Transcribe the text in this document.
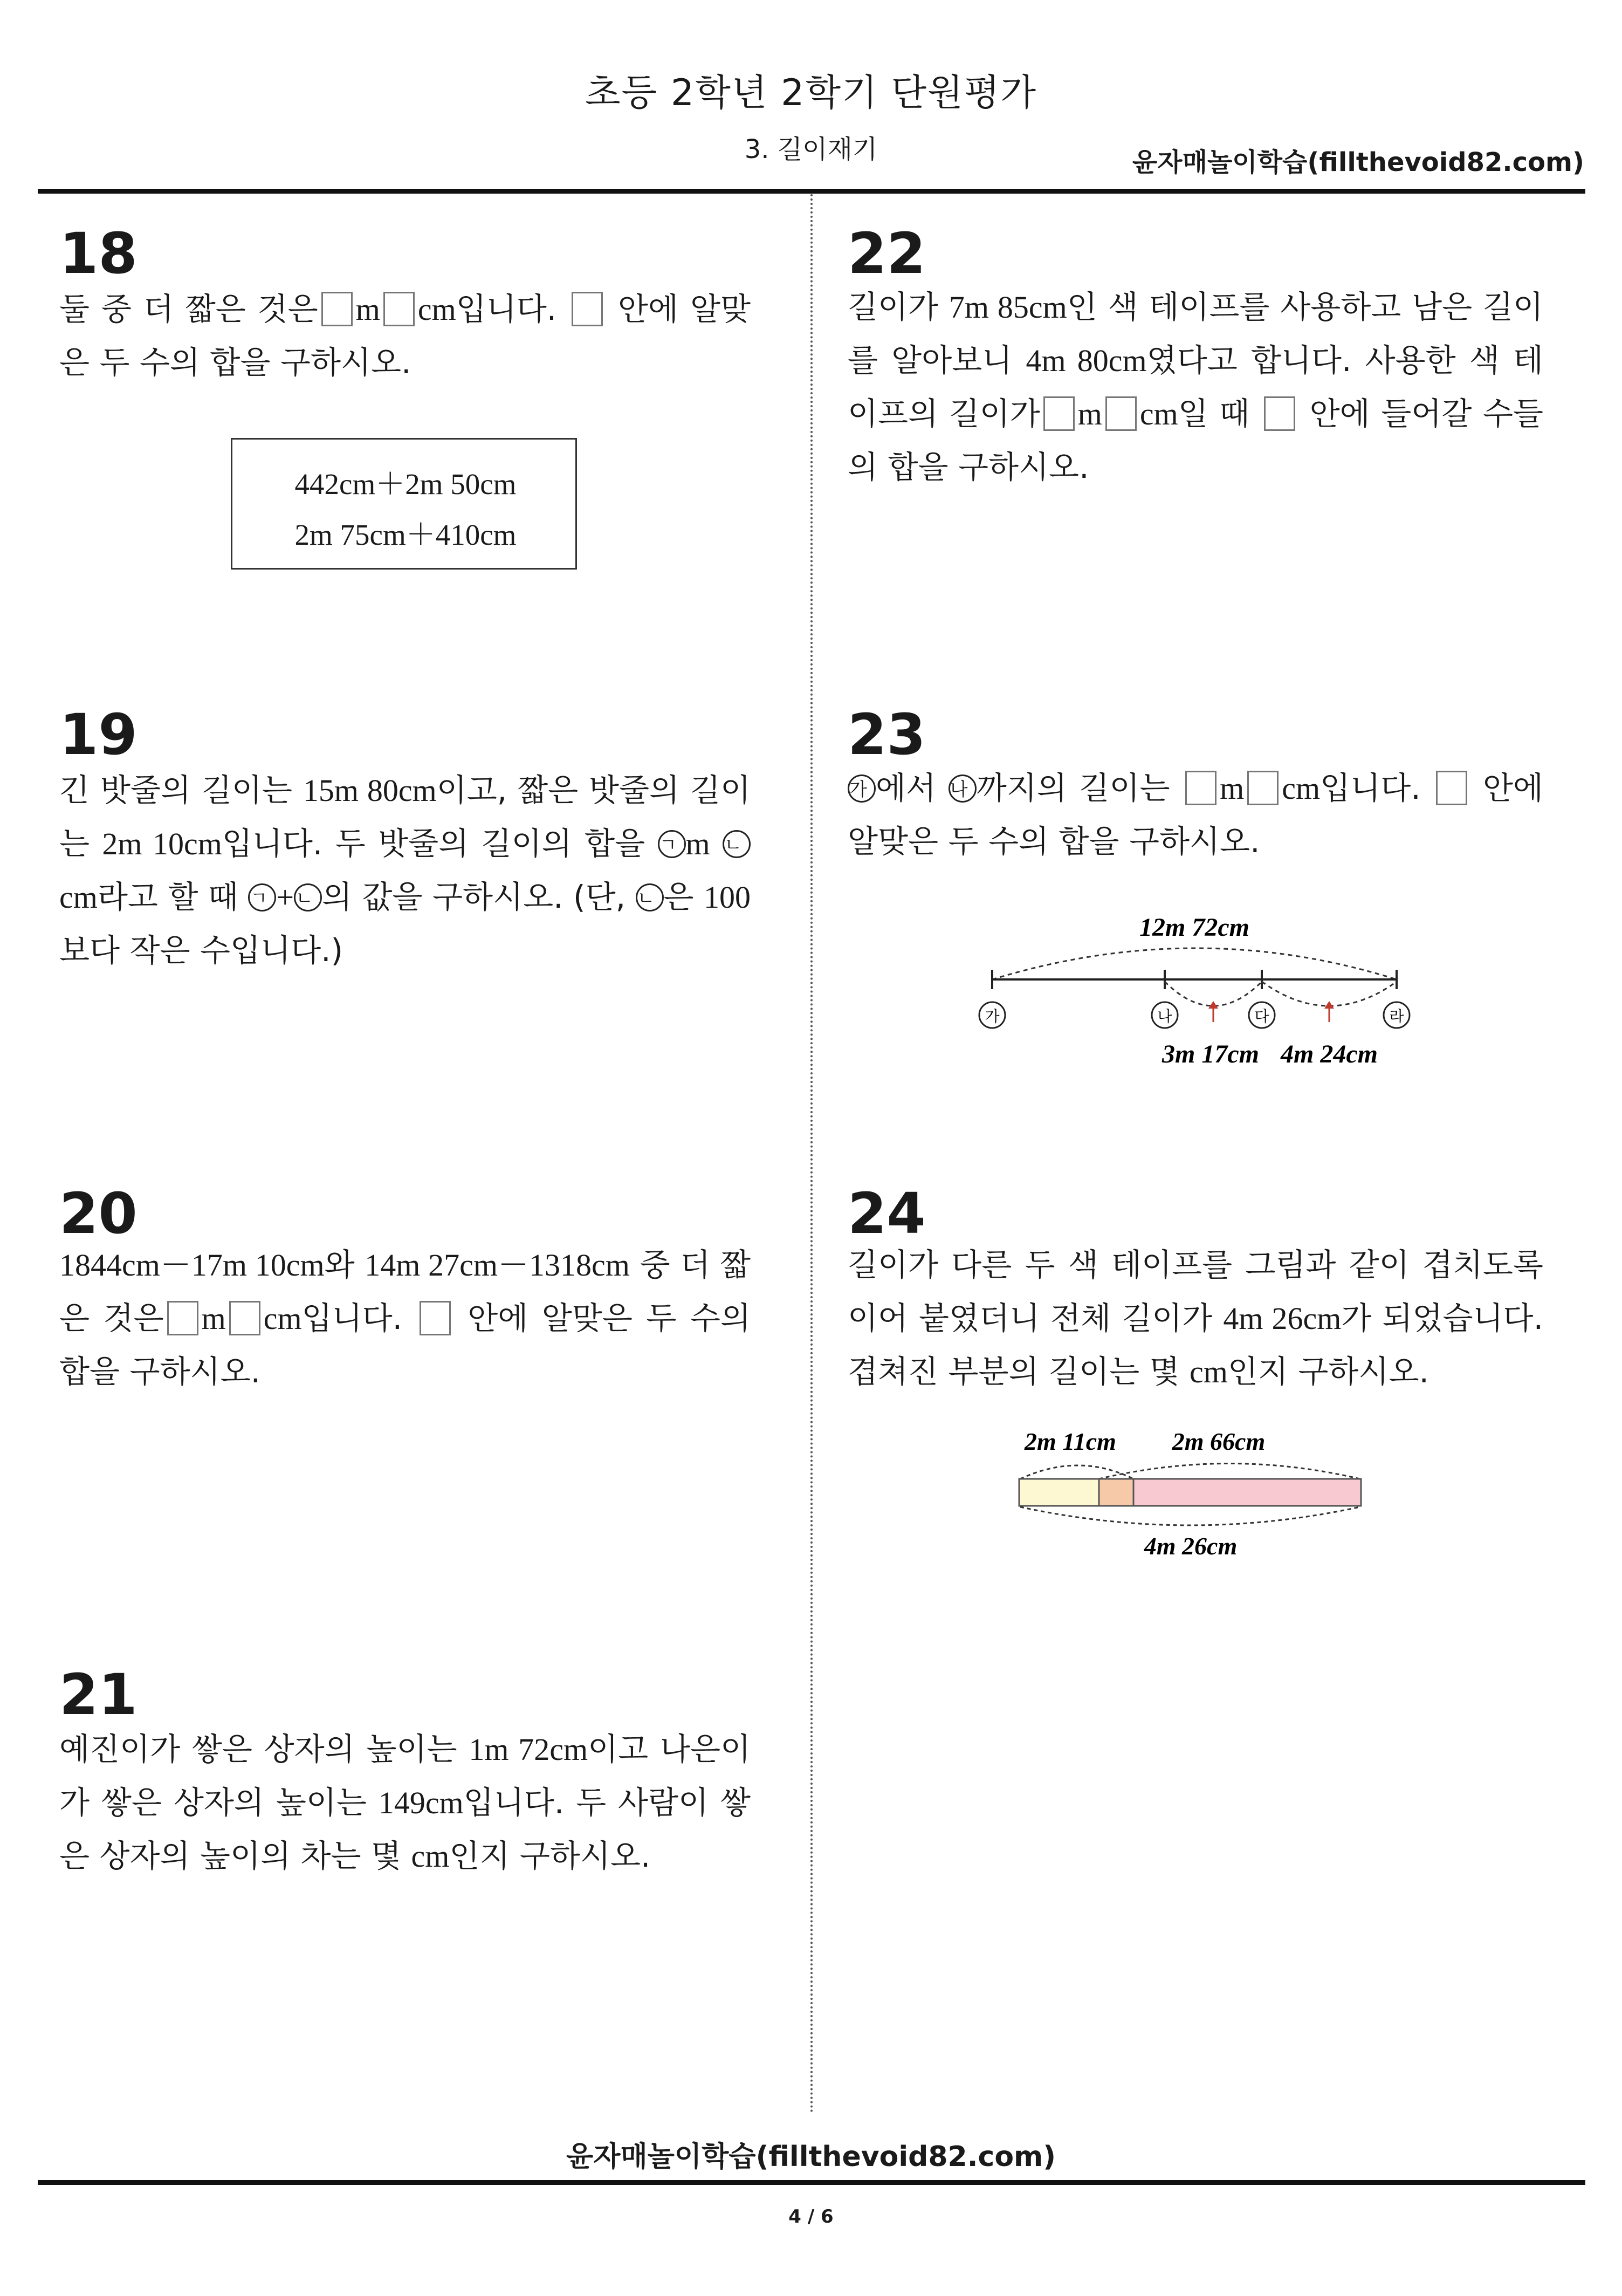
초등 2학년 2학기 단원평가
3. 길이재기	윤자매놀이학습(fillthevoid82.com)
18
둘 중 더 짧은 것은 m cm입니다. 안에 알맞은 두 수의 합을 구하시오.
442cm＋2m 50cm
2m 75cm＋410cm
19
긴 밧줄의 길이는 15m 80cm이고, 짧은 밧줄의 길이는 2m 10cm입니다. 두 밧줄의 길이의 합을 ㄱ m ㄴ cm라고 할 때 ㄱ +ㄴ 의 값을 구하시오. (단, ㄴ 은 100보다 작은 수입니다.)
20
1844cm－17m 10cm와 14m 27cm－1318cm 중 더 짧은 것은 m cm입니다. 안에 알맞은 두 수의 합을 구하시오.
21
예진이가 쌓은 상자의 높이는 1m 72cm이고 나은이가 쌓은 상자의 높이는 149cm입니다. 두 사람이 쌓은 상자의 높이의 차는 몇 cm인지 구하시오.
22
길이가 7m 85cm인 색 테이프를 사용하고 남은 길이를 알아보니 4m 80cm였다고 합니다. 사용한 색 테이프의 길이가 m cm일 때 안에 들어갈 수들의 합을 구하시오.
23
가 에서 나 까지의 길이는 m cm입니다. 안에 알맞은 두 수의 합을 구하시오.
12m 72cm
가	나	다	라
3m 17cm 4m 24cm
24
길이가 다른 두 색 테이프를 그림과 같이 겹치도록 이어 붙였더니 전체 길이가 4m 26cm가 되었습니다. 겹쳐진 부분의 길이는 몇 cm인지 구하시오.
2m 11cm 2m 66cm
4m 26cm
윤자매놀이학습(fillthevoid82.com)
4 / 6
